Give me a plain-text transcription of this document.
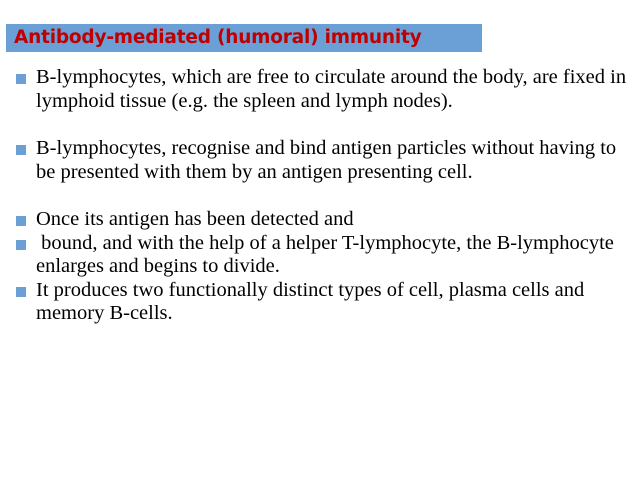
Antibody-mediated (humoral) immunity
B-lymphocytes, which are free to circulate around the body, are fixed in lymphoid tissue (e.g. the spleen and lymph nodes).
B-lymphocytes, recognise and bind antigen particles without having to be presented with them by an antigen presenting cell.
Once its antigen has been detected and
bound, and with the help of a helper T-lymphocyte, the B-lymphocyte enlarges and begins to divide.
It produces two functionally distinct types of cell, plasma cells and memory B-cells.
